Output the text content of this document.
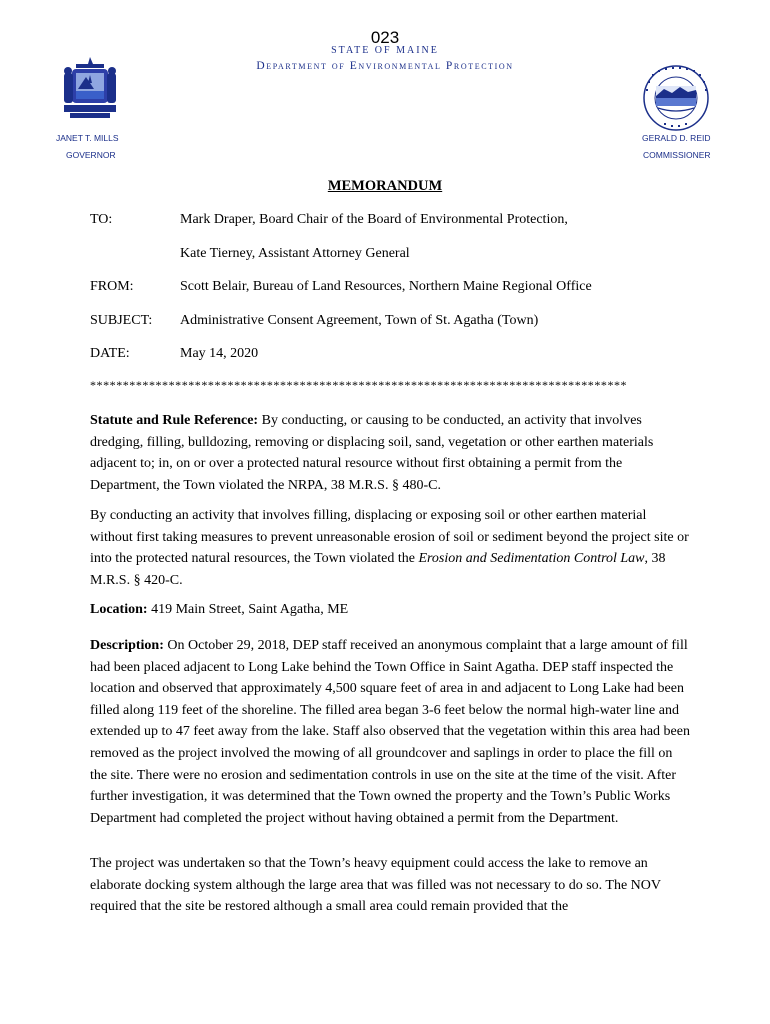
023
STATE OF MAINE
Department of Environmental Protection
JANET T. MILLS
GOVERNOR
GERALD D. REID
COMMISSIONER
MEMORANDUM
TO:	Mark Draper, Board Chair of the Board of Environmental Protection,
Kate Tierney, Assistant Attorney General
FROM:	Scott Belair, Bureau of Land Resources, Northern Maine Regional Office
SUBJECT:	Administrative Consent Agreement, Town of St. Agatha (Town)
DATE:	May 14, 2020
**********************************************************************************
Statute and Rule Reference: By conducting, or causing to be conducted, an activity that involves dredging, filling, bulldozing, removing or displacing soil, sand, vegetation or other earthen materials adjacent to; in, on or over a protected natural resource without first obtaining a permit from the Department, the Town violated the NRPA, 38 M.R.S. § 480-C.
By conducting an activity that involves filling, displacing or exposing soil or other earthen material without first taking measures to prevent unreasonable erosion of soil or sediment beyond the project site or into the protected natural resources, the Town violated the Erosion and Sedimentation Control Law, 38 M.R.S. § 420-C.
Location: 419 Main Street, Saint Agatha, ME
Description: On October 29, 2018, DEP staff received an anonymous complaint that a large amount of fill had been placed adjacent to Long Lake behind the Town Office in Saint Agatha. DEP staff inspected the location and observed that approximately 4,500 square feet of area in and adjacent to Long Lake had been filled along 119 feet of the shoreline. The filled area began 3-6 feet below the normal high-water line and extended up to 47 feet away from the lake. Staff also observed that the vegetation within this area had been removed as the project involved the mowing of all groundcover and saplings in order to place the fill on the site. There were no erosion and sedimentation controls in use on the site at the time of the visit. After further investigation, it was determined that the Town owned the property and the Town’s Public Works Department had completed the project without having obtained a permit from the Department.
The project was undertaken so that the Town’s heavy equipment could access the lake to remove an elaborate docking system although the large area that was filled was not necessary to do so. The NOV required that the site be restored although a small area could remain provided that the
